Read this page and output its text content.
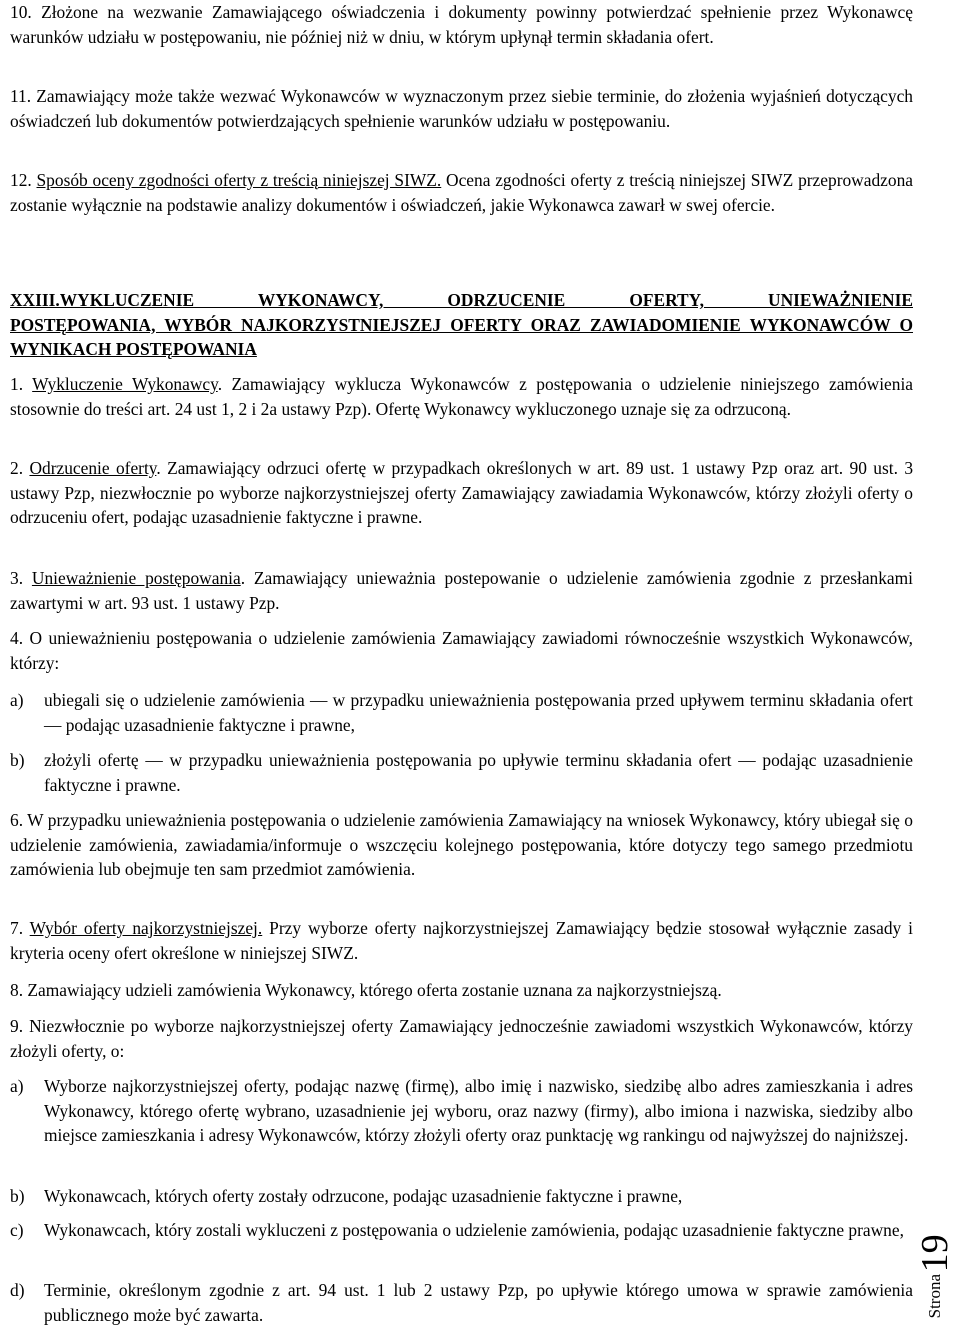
10. Złożone na wezwanie Zamawiającego oświadczenia i dokumenty powinny potwierdzać spełnienie przez Wykonawcę warunków udziału w postępowaniu, nie później niż w dniu, w którym upłynął termin składania ofert.

11. Zamawiający może także wezwać Wykonawców w wyznaczonym przez siebie terminie, do złożenia wyjaśnień dotyczących oświadczeń lub dokumentów potwierdzających spełnienie warunków udziału w postępowaniu.

12. Sposób oceny zgodności oferty z treścią niniejszej SIWZ. Ocena zgodności oferty z treścią niniejszej SIWZ przeprowadzona zostanie wyłącznie na podstawie analizy dokumentów i oświadczeń, jakie Wykonawca zawarł w swej ofercie.

XXIII.WYKLUCZENIE WYKONAWCY, ODRZUCENIE OFERTY, UNIEWAŻNIENIE
POSTĘPOWANIA, WYBÓR NAJKORZYSTNIEJSZEJ OFERTY ORAZ ZAWIADOMIENIE WYKONAWCÓW O WYNIKACH POSTĘPOWANIA

1. Wykluczenie Wykonawcy. Zamawiający wyklucza Wykonawców z postępowania o udzielenie niniejszego zamówienia stosownie do treści art. 24 ust 1, 2 i 2a ustawy Pzp). Ofertę Wykonawcy wykluczonego uznaje się za odrzuconą.

2. Odrzucenie oferty. Zamawiający odrzuci ofertę w przypadkach określonych w art. 89 ust. 1 ustawy Pzp oraz art. 90 ust. 3 ustawy Pzp, niezwłocznie po wyborze najkorzystniejszej oferty Zamawiający zawiadamia Wykonawców, którzy złożyli oferty o odrzuceniu ofert, podając uzasadnienie faktyczne i prawne.

3. Unieważnienie postępowania. Zamawiający unieważnia postepowanie o udzielenie zamówienia zgodnie z przesłankami zawartymi w art. 93 ust. 1 ustawy Pzp.

4. O unieważnieniu postępowania o udzielenie zamówienia Zamawiający zawiadomi równocześnie wszystkich Wykonawców, którzy:

a)	ubiegali się o udzielenie zamówienia — w przypadku unieważnienia postępowania przed upływem terminu składania ofert — podając uzasadnienie faktyczne i prawne,
b)	złożyli ofertę — w przypadku unieważnienia postępowania po upływie terminu składania ofert — podając uzasadnienie faktyczne i prawne.

6. W przypadku unieważnienia postępowania o udzielenie zamówienia Zamawiający na wniosek Wykonawcy, który ubiegał się o udzielenie zamówienia, zawiadamia/informuje o wszczęciu kolejnego postępowania, które dotyczy tego samego przedmiotu zamówienia lub obejmuje ten sam przedmiot zamówienia.

7. Wybór oferty najkorzystniejszej. Przy wyborze oferty najkorzystniejszej Zamawiający będzie stosował wyłącznie zasady i kryteria oceny ofert określone w niniejszej SIWZ.

8. Zamawiający udzieli zamówienia Wykonawcy, którego oferta zostanie uznana za najkorzystniejszą.

9. Niezwłocznie po wyborze najkorzystniejszej oferty Zamawiający jednocześnie zawiadomi wszystkich Wykonawców, którzy złożyli oferty, o:

a)	Wyborze najkorzystniejszej oferty, podając nazwę (firmę), albo imię i nazwisko, siedzibę albo adres zamieszkania i adres Wykonawcy, którego ofertę wybrano, uzasadnienie jej wyboru, oraz nazwy (firmy), albo imiona i nazwiska, siedziby albo miejsce zamieszkania i adresy Wykonawców, którzy złożyli oferty oraz punktację wg rankingu od najwyższej do najniższej.
b)	Wykonawcach, których oferty zostały odrzucone, podając uzasadnienie faktyczne i prawne,
c)	Wykonawcach, który zostali wykluczeni z postępowania o udzielenie zamówienia, podając uzasadnienie faktyczne prawne,
d)	Terminie, określonym zgodnie z art. 94 ust. 1 lub 2 ustawy Pzp, po upływie którego umowa w sprawie zamówienia publicznego może być zawarta.	Strona
19
